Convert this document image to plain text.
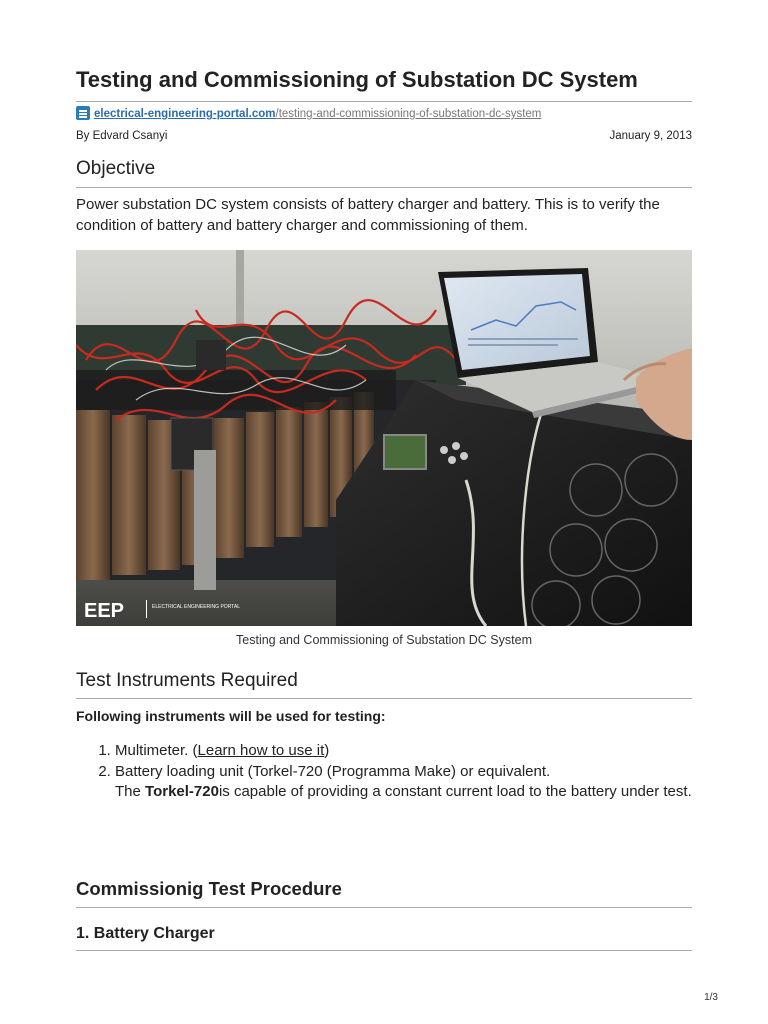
Testing and Commissioning of Substation DC System
electrical-engineering-portal.com/testing-and-commissioning-of-substation-dc-system
By Edvard Csanyi	January 9, 2013
Objective

Power substation DC system consists of battery charger and battery. This is to verify the condition of battery and battery charger and commissioning of them.

EEP	ELECTRICAL ENGINEERING PORTAL
Testing and Commissioning of Substation DC System
Test Instruments Required
Following instruments will be used for testing:
1. Multimeter. (Learn how to use it)
2. Battery loading unit (Torkel-720 (Programma Make) or equivalent.
The Torkel-720is capable of providing a constant current load to the battery under test.
Commissionig Test Procedure
1. Battery Charger
1/3
